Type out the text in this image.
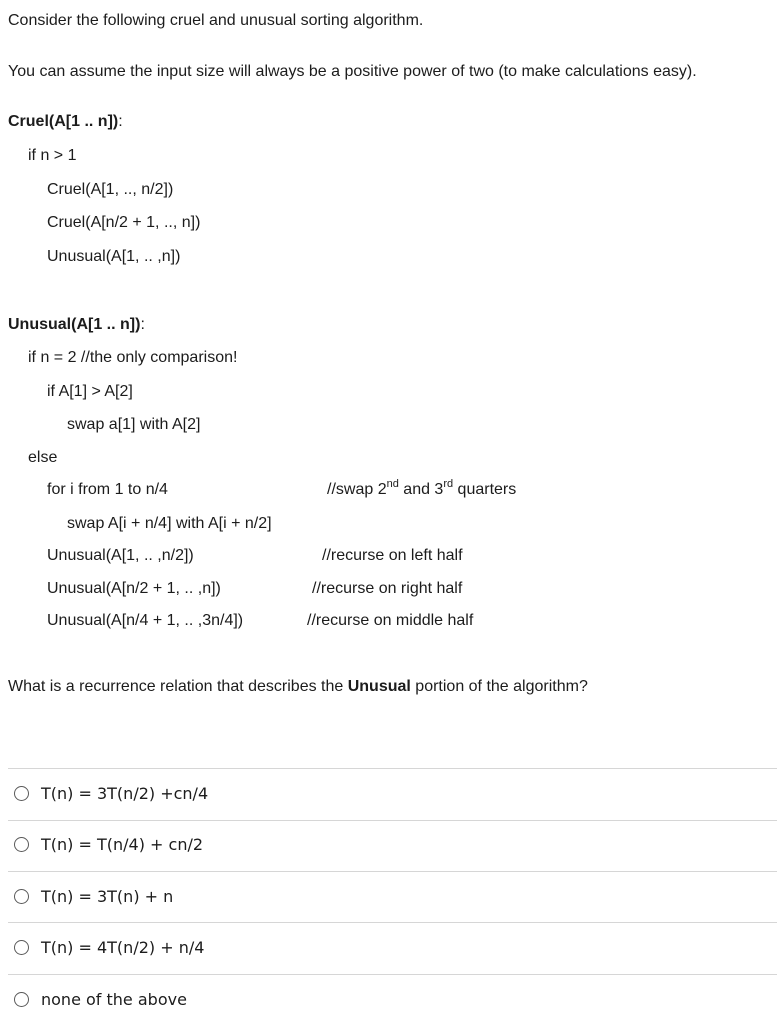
Consider the following cruel and unusual sorting algorithm.
You can assume the input size will always be a positive power of two (to make calculations easy).
Cruel(A[1 .. n]):
if n > 1
Cruel(A[1, .., n/2])
Cruel(A[n/2 + 1, .., n])
Unusual(A[1, .. ,n])
Unusual(A[1 .. n]):
if n = 2 //the only comparison!
if A[1] > A[2]
swap a[1] with A[2]
else
for i from 1 to n/4	//swap 2nd and 3rd quarters
swap A[i + n/4] with A[i + n/2]
Unusual(A[1, .. ,n/2])	//recurse on left half
Unusual(A[n/2 + 1, .. ,n])	//recurse on right half
Unusual(A[n/4 + 1, .. ,3n/4])	//recurse on middle half
What is a recurrence relation that describes the Unusual portion of the algorithm?
T(n) = 3T(n/2) +cn/4
T(n) = T(n/4) + cn/2
T(n) = 3T(n) + n
T(n) = 4T(n/2) + n/4
none of the above
